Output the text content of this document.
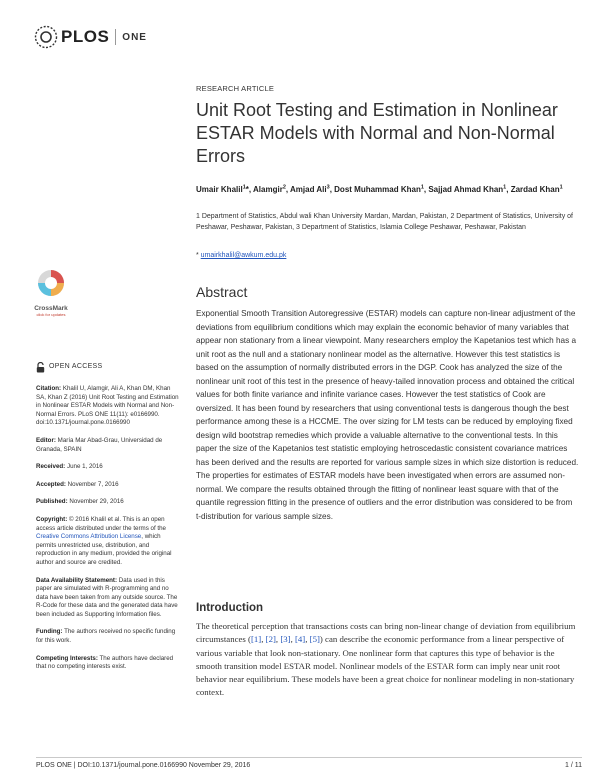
PLOS ONE
RESEARCH ARTICLE
Unit Root Testing and Estimation in Nonlinear ESTAR Models with Normal and Non-Normal Errors
Umair Khalil$^1$*, Alamgir$^2$, Amjad Ali$^3$, Dost Muhammad Khan$^1$, Sajjad Ahmad Khan$^1$, Zardad Khan$^1$
1 Department of Statistics, Abdul wali Khan University Mardan, Mardan, Pakistan, 2 Department of Statistics, University of Peshawar, Peshawar, Pakistan, 3 Department of Statistics, Islamia College Peshawar, Peshawar, Pakistan
* umairkhalil@awkum.edu.pk
CrossMark
click for updates
OPEN ACCESS
Citation: Khalil U, Alamgir, Ali A, Khan DM, Khan SA, Khan Z (2016) Unit Root Testing and Estimation in Nonlinear ESTAR Models with Normal and Non-Normal Errors. PLoS ONE 11(11): e0166990. doi:10.1371/journal.pone.0166990
Editor: María Mar Abad-Grau, Universidad de Granada, SPAIN
Received: June 1, 2016
Accepted: November 7, 2016
Published: November 29, 2016
Copyright: © 2016 Khalil et al. This is an open access article distributed under the terms of the Creative Commons Attribution License, which permits unrestricted use, distribution, and reproduction in any medium, provided the original author and source are credited.
Data Availability Statement: Data used in this paper are simulated with R-programming and no data have been taken from any outside source. The R-Code for these data and the generated data have been included as Supporting Information files.
Funding: The authors received no specific funding for this work.
Competing Interests: The authors have declared that no competing interests exist.
Abstract
Exponential Smooth Transition Autoregressive (ESTAR) models can capture non-linear adjustment of the deviations from equilibrium conditions which may explain the economic behavior of many variables that appear non stationary from a linear viewpoint. Many researchers employ the Kapetanios test which has a unit root as the null and a stationary nonlinear model as the alternative. However this test statistics is based on the assumption of normally distributed errors in the DGP. Cook has analyzed the size of the nonlinear unit root of this test in the presence of heavy-tailed innovation process and obtained the critical values for both finite variance and infinite variance cases. However the test statistics of Cook are oversized. It has been found by researchers that using conventional tests is dangerous though the best performance among these is a HCCME. The over sizing for LM tests can be reduced by employing fixed design wild bootstrap remedies which provide a valuable alternative to the conventional tests. In this paper the size of the Kapetanios test statistic employing hetroscedastic consistent covariance matrices has been derived and the results are reported for various sample sizes in which size distortion is reduced. The properties for estimates of ESTAR models have been investigated when errors are assumed non-normal. We compare the results obtained through the fitting of nonlinear least square with that of the quantile regression fitting in the presence of outliers and the error distribution was considered to be from t-distribution for various sample sizes.
Introduction
The theoretical perception that transactions costs can bring non-linear change of deviation from equilibrium circumstances ([1], [2], [3], [4], [5]) can describe the economic performance from a linear perspective of various variable that look non-stationary. One nonlinear form that captures this type of behavior is the smooth transition model ESTAR model. Nonlinear models of the ESTAR form can imply near unit root behavior near equilibrium. These models have been a great choice for nonlinear modeling in non-stationary context.
PLOS ONE | DOI:10.1371/journal.pone.0166990 November 29, 2016	1 / 11
